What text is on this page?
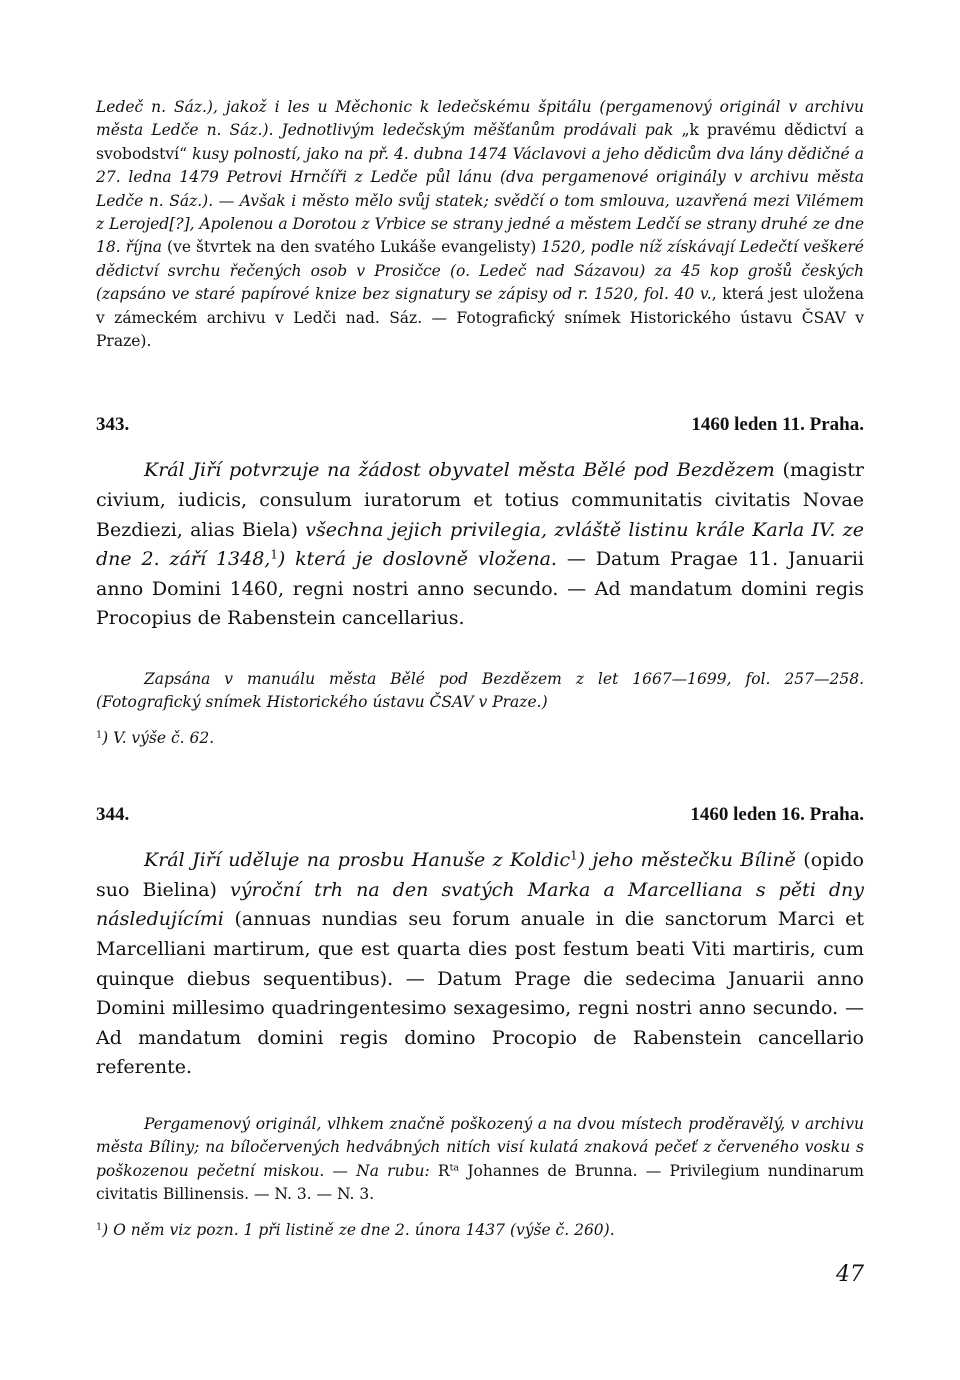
Ledeč n. Sáz.), jakož i les u Měchonic k ledečskému špitálu (pergamenový originál v archivu města Ledče n. Sáz.). Jednotlivým ledečským měšťanům prodávali pak „k pravému dědictví a svobodství“ kusy polností, jako na př. 4. dubna 1474 Václavovi a jeho dědicům dva lány dědičné a 27. ledna 1479 Petrovi Hrnčíři z Ledče půl lánu (dva pergamenové originály v archivu města Ledče n. Sáz.). — Avšak i město mělo svůj statek; svědčí o tom smlouva, uzavřená mezi Vilémem z Lerojed[?], Apolenou a Dorotou z Vrbice se strany jedné a městem Ledčí se strany druhé ze dne 18. října (ve štvrtek na den svatého Lukáše evangelisty) 1520, podle níž získávají Ledečtí veškeré dědictví svrchu řečených osob v Prosičce (o. Ledeč nad Sázavou) za 45 kop grošů českých (zapsáno ve staré papírové knize bez signatury se zápisy od r. 1520, fol. 40 v., která jest uložena v zámeckém archivu v Ledči nad. Sáz. — Fotografický snímek Historického ústavu ČSAV v Praze).

343.	1460 leden 11. Praha.

Král Jiří potvrzuje na žádost obyvatel města Bělé pod Bezdězem (magistr civium, iudicis, consulum iuratorum et totius communitatis civitatis Novae Bezdiezi, alias Biela) všechna jejich privilegia, zvláště listinu krále Karla IV. ze dne 2. září 1348,$^1$) která je doslovně vložena. — Datum Pragae 11. Januarii anno Domini 1460, regni nostri anno secundo. — Ad mandatum domini regis Procopius de Rabenstein cancellarius.

Zapsána v manuálu města Bělé pod Bezdězem z let 1667—1699, fol. 257—258. (Fotografický snímek Historického ústavu ČSAV v Praze.)

$^1$) V. výše č. 62.

344.	1460 leden 16. Praha.

Král Jiří uděluje na prosbu Hanuše z Koldic$^1$) jeho městečku Bílině (opido suo Bielina) výroční trh na den svatých Marka a Marcelliana s pěti dny následujícími (annuas nundias seu forum anuale in die sanctorum Marci et Marcelliani martirum, que est quarta dies post festum beati Viti martiris, cum quinque diebus sequentibus). — Datum Prage die sedecima Januarii anno Domini millesimo quadringentesimo sexagesimo, regni nostri anno secundo. — Ad mandatum domini regis domino Procopio de Rabenstein cancellario referente.

Pergamenový originál, vlhkem značně poškozený a na dvou místech proděravělý, v archivu města Bíliny; na bíločervených hedvábných nitích visí kulatá znaková pečeť z červeného vosku s poškozenou pečetní miskou. — Na rubu: $R^{ta}$ Johannes de Brunna. — Privilegium nundinarum civitatis Billinensis. — N. 3. — N. 3.

$^1$) O něm viz pozn. 1 při listině ze dne 2. února 1437 (výše č. 260).

47
